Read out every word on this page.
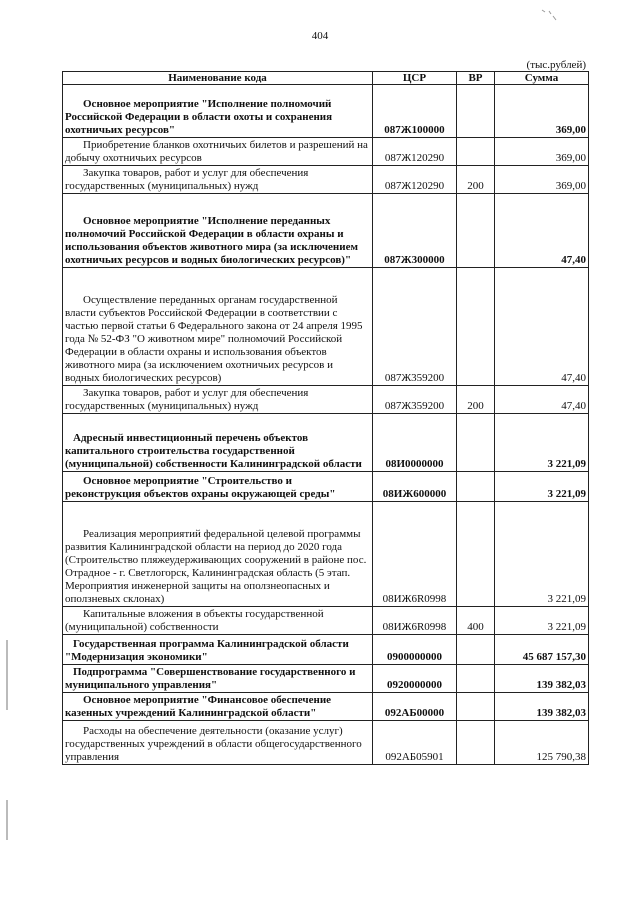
404
(тыс.рублей)
Наименование кода	ЦСР	ВР	Сумма
Основное мероприятие "Исполнение полномочий Российской Федерации в области охоты и сохранения охотничьих ресурсов"	087Ж100000		369,00
Приобретение бланков охотничьих билетов и разрешений на добычу охотничьих ресурсов	087Ж120290		369,00
Закупка товаров, работ и услуг для обеспечения государственных (муниципальных) нужд	087Ж120290	200	369,00
Основное мероприятие "Исполнение переданных полномочий Российской Федерации в области охраны и использования объектов животного мира (за исключением охотничьих ресурсов и водных биологических ресурсов)"	087Ж300000		47,40
Осуществление переданных органам государственной власти субъектов Российской Федерации в соответствии с частью первой статьи 6 Федерального закона от 24 апреля 1995 года № 52-ФЗ "О животном мире" полномочий Российской Федерации в области охраны и использования объектов животного мира (за исключением охотничьих ресурсов и водных биологических ресурсов)	087Ж359200		47,40
Закупка товаров, работ и услуг для обеспечения государственных (муниципальных) нужд	087Ж359200	200	47,40
Адресный инвестиционный перечень объектов капитального строительства государственной (муниципальной) собственности Калининградской области	08И0000000		3 221,09
Основное мероприятие "Строительство и реконструкция объектов охраны окружающей среды"	08ИЖ600000		3 221,09
Реализация мероприятий федеральной целевой программы развития Калининградской области на период до 2020 года (Строительство пляжеудерживающих сооружений в районе пос. Отрадное - г. Светлогорск, Калининградская область (5 этап. Мероприятия инженерной защиты на оползнеопасных и оползневых склонах)	08ИЖ6R0998		3 221,09
Капитальные вложения в объекты государственной (муниципальной) собственности	08ИЖ6R0998	400	3 221,09
Государственная программа Калининградской области "Модернизация экономики"	0900000000		45 687 157,30
Подпрограмма "Совершенствование государственного и муниципального управления"	0920000000		139 382,03
Основное мероприятие "Финансовое обеспечение казенных учреждений Калининградской области"	092АБ00000		139 382,03
Расходы на обеспечение деятельности (оказание услуг) государственных учреждений в области общегосударственного управления	092АБ05901		125 790,38
